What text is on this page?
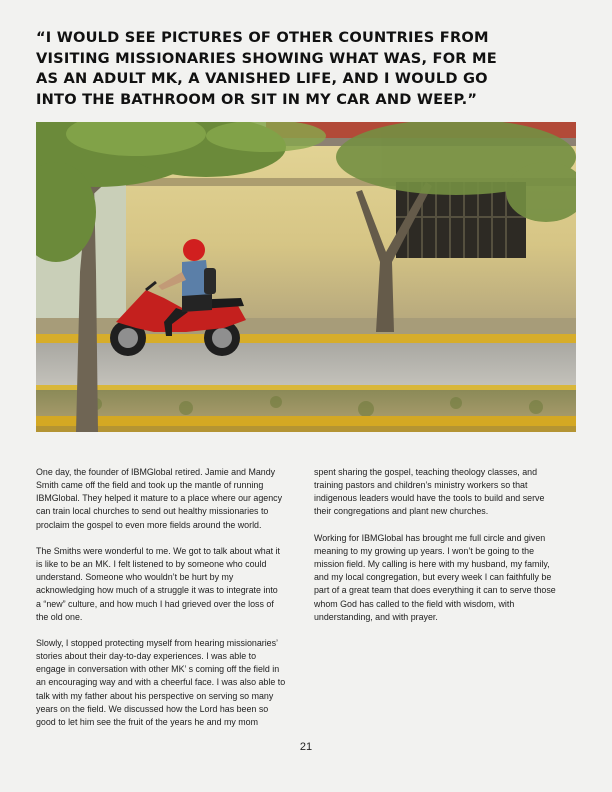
“I WOULD SEE PICTURES OF OTHER COUNTRIES FROM
VISITING MISSIONARIES SHOWING WHAT WAS, FOR ME
AS AN ADULT MK, A VANISHED LIFE, AND I WOULD GO
INTO THE BATHROOM OR SIT IN MY CAR AND WEEP.”

One day, the founder of IBMGlobal retired. Jamie and Mandy
Smith came off the field and took up the mantle of running
IBMGlobal. They helped it mature to a place where our agency
can train local churches to send out healthy missionaries to
proclaim the gospel to even more fields around the world.

The Smiths were wonderful to me. We got to talk about what it
is like to be an MK. I felt listened to by someone who could
understand. Someone who wouldn’t be hurt by my
acknowledging how much of a struggle it was to integrate into
a “new” culture, and how much I had grieved over the loss of
the old one.

Slowly, I stopped protecting myself from hearing missionaries’
stories about their day-to-day experiences. I was able to
engage in conversation with other MK’ s coming off the field in
an encouraging way and with a cheerful face. I was also able to
talk with my father about his perspective on serving so many
years on the field. We discussed how the Lord has been so
good to let him see the fruit of the years he and my mom

spent sharing the gospel, teaching theology classes, and
training pastors and children’s ministry workers so that
indigenous leaders would have the tools to build and serve
their congregations and plant new churches.

Working for IBMGlobal has brought me full circle and given
meaning to my growing up years. I won’t be going to the
mission field. My calling is here with my husband, my family,
and my local congregation, but every week I can faithfully be
part of a great team that does everything it can to serve those
whom God has called to the field with wisdom, with
understanding, and with prayer.

21
